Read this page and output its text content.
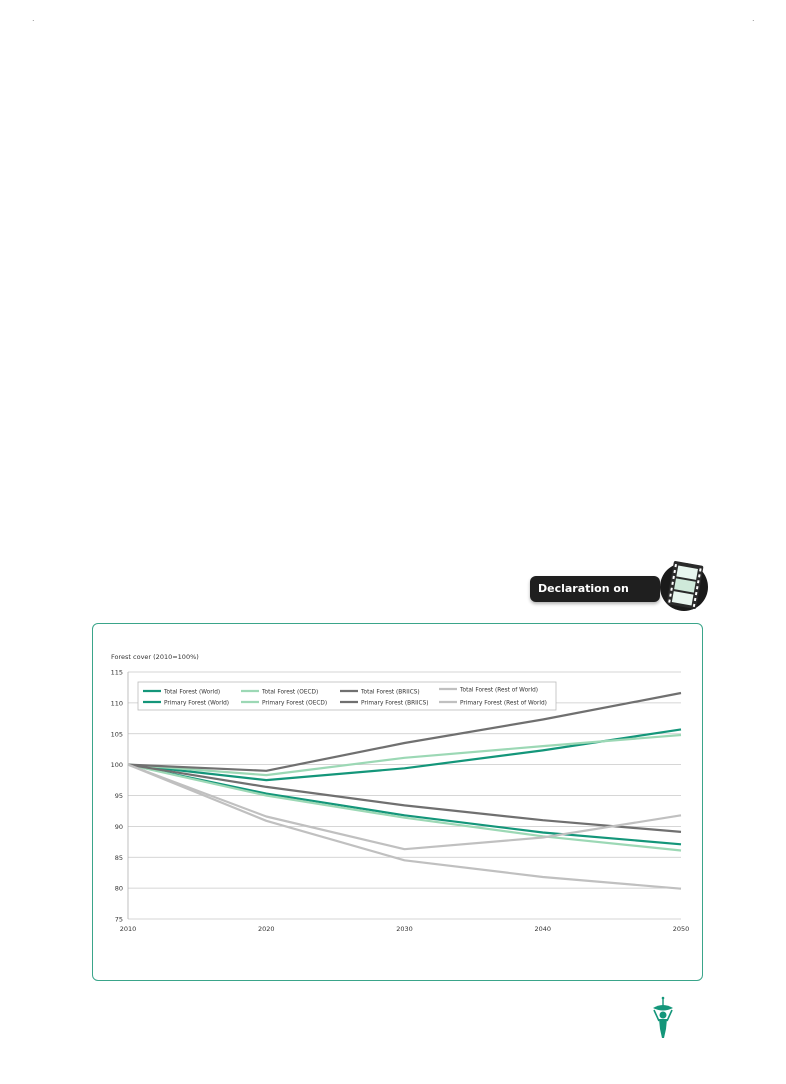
.	.
Declaration on Forests
75
80
85
90
95
100
105
110
115
2010	2020	2030	2040	2050
Total Forest (World)
Primary Forest (World)
Total Forest (OECD)
Primary Forest (OECD)
Total Forest (BRIICS)
Primary Forest (BRIICS)
Total Forest (Rest of World)
Primary Forest (Rest of World)
Forest cover (2010=100%)
